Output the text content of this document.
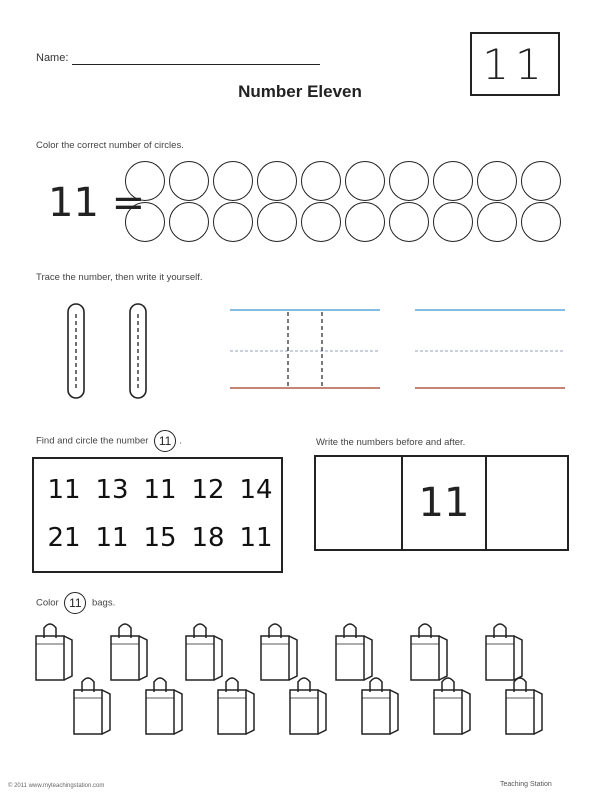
Name:
Number Eleven
11
Color the correct number of circles.
11 =
Trace the number, then write it yourself.
Find and circle the number 11 .
11 13 11 12 14
21 11 15 18 11
Write the numbers before and after.
11
Color 11 bags.
© 2011 www.myteachingstation.com	Teaching Station
